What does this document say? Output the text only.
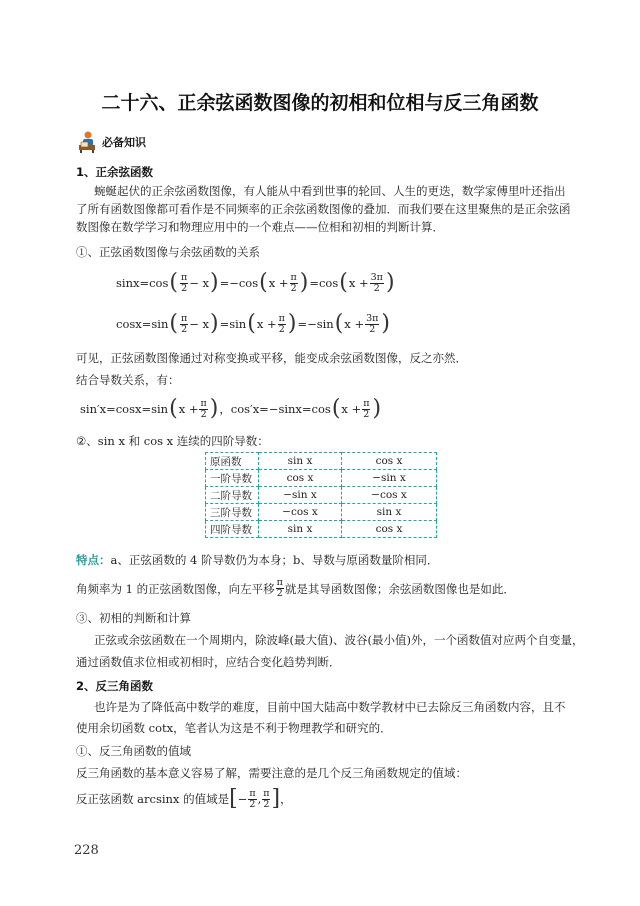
二十六、正余弦函数图像的初相和位相与反三角函数
必备知识
1、正余弦函数
蜿蜒起伏的正余弦函数图像，有人能从中看到世事的轮回、人生的更迭，数学家傅里叶还指出
了所有函数图像都可看作是不同频率的正余弦函数图像的叠加．而我们要在这里聚焦的是正余弦函
数图像在数学学习和物理应用中的一个难点——位相和初相的判断计算．
①、正弦函数图像与余弦函数的关系
sinx=cos ( $\frac{\pi}{2} - x$ ) =−cos ( $x + \frac{\pi}{2}$ ) =cos ( $x + \frac{3\pi}{2}$ )
cosx=sin ( $\frac{\pi}{2} - x$ ) =sin ( $x + \frac{\pi}{2}$ ) =−sin ( $x + \frac{3\pi}{2}$ )
可见，正弦函数图像通过对称变换或平移，能变成余弦函数图像，反之亦然．
结合导数关系，有：
sin′x=cosx=sin ( $x + \frac{\pi}{2}$ ) ，cos′x=−sinx=cos ( $x + \frac{\pi}{2}$ )
②、sin x 和 cos x 连续的四阶导数：
原函数	sin x	cos x
一阶导数	cos x	−sin x
二阶导数	−sin x	−cos x
三阶导数	−cos x	sin x
四阶导数	sin x	cos x
特点：a、正弦函数的 4 阶导数仍为本身；b、导数与原函数量阶相同．
角频率为 1 的正弦函数图像，向左平移 $\frac{\pi}{2}$ 就是其导函数图像；余弦函数图像也是如此．
③、初相的判断和计算
正弦或余弦函数在一个周期内，除波峰(最大值)、波谷(最小值)外，一个函数值对应两个自变量，
通过函数值求位相或初相时，应结合变化趋势判断．
2、反三角函数
也许是为了降低高中数学的难度，目前中国大陆高中数学教材中已去除反三角函数内容，且不
使用余切函数 cotx，笔者认为这是不利于物理教学和研究的．
①、反三角函数的值域
反三角函数的基本意义容易了解，需要注意的是几个反三角函数规定的值域：
反正弦函数 arcsinx 的值域是 [ − $\frac{\pi}{2}$ , $\frac{\pi}{2}$ ] ，
228
